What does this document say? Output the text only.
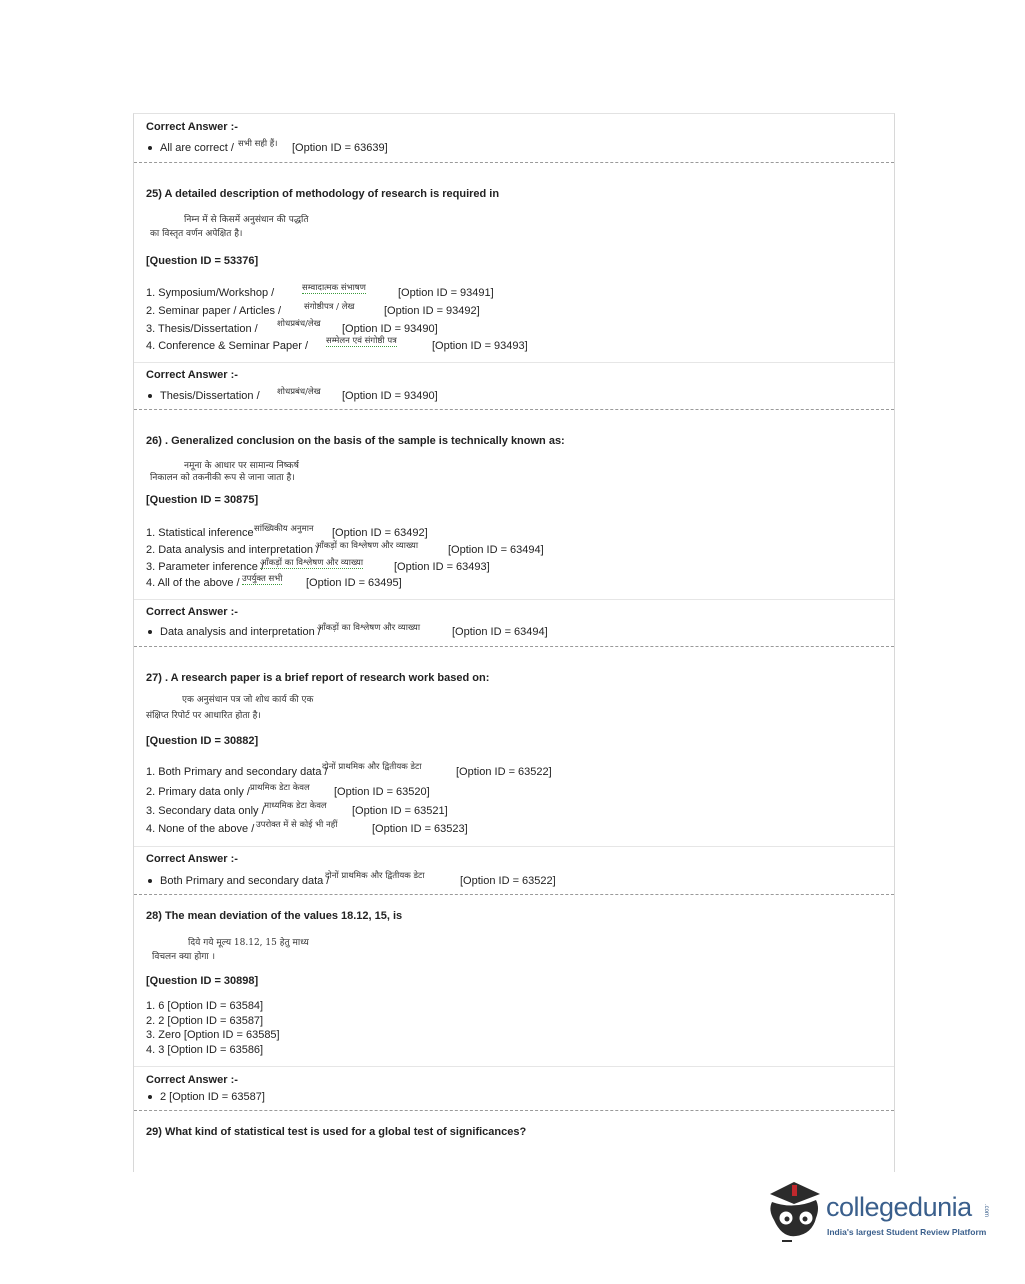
Correct Answer :-
All are correct / सभी सही हैं। [Option ID = 63639]
25) A detailed description of methodology of research is required in
निम्न में से किसमें अनुसंधान की पद्धति
का विस्तृत वर्णन अपेक्षित है।
[Question ID = 53376]
1. Symposium/Workshop /	सम्वादात्मक संभाषण	[Option ID = 93491]
2. Seminar paper / Articles /	संगोष्ठीपत्र / लेख	[Option ID = 93492]
3. Thesis/Dissertation / शोधप्रबंध/लेख [Option ID = 93490]
4. Conference & Seminar Paper / सम्मेलन एवं संगोष्ठी पत्र	[Option ID = 93493]
Correct Answer :-
Thesis/Dissertation / शोधप्रबंध/लेख [Option ID = 93490]
26) . Generalized conclusion on the basis of the sample is technically known as:
नमूना के आधार पर सामान्य निष्कर्ष
निकालन को तकनीकी रूप से जाना जाता है।
[Question ID = 30875]
1. Statistical inference सांख्यिकीय अनुमान [Option ID = 63492]
2. Data analysis and interpretation /
आँकड़ों का विश्लेषण और व्याख्या	[Option ID = 63494]
3. Parameter inference /
आँकड़ों का विश्लेषण और व्याख्या	[Option ID = 63493]
4. All of the above / उपर्युक्त सभी [Option ID = 63495]
Correct Answer :-
Data analysis and interpretation /
आँकड़ों का विश्लेषण और व्याख्या	[Option ID = 63494]
27) . A research paper is a brief report of research work based on:
एक अनुसंधान पत्र जो शोध कार्य की एक
संक्षिप्त रिपोर्ट पर आधारित होता है।
[Question ID = 30882]
1. Both Primary and secondary data /
दोनों प्राथमिक और द्वितीयक डेटा	[Option ID = 63522]
2. Primary data only / प्राथमिक डेटा केवल [Option ID = 63520]
3. Secondary data only / माध्यमिक डेटा केवल [Option ID = 63521]
4. None of the above / उपरोक्त में से कोई भी नहीं	[Option ID = 63523]
Correct Answer :-
Both Primary and secondary data /
दोनों प्राथमिक और द्वितीयक डेटा	[Option ID = 63522]
28) The mean deviation of the values 18.12, 15, is
दिये गये मूल्य 18.12, 15 हेतु माध्य
विचलन क्या होगा ।
[Question ID = 30898]
1. 6 [Option ID = 63584]
2. 2 [Option ID = 63587]
3. Zero [Option ID = 63585]
4. 3 [Option ID = 63586]
Correct Answer :-
2 [Option ID = 63587]
29) What kind of statistical test is used for a global test of significances?
collegedunia .com
India's largest Student Review Platform
